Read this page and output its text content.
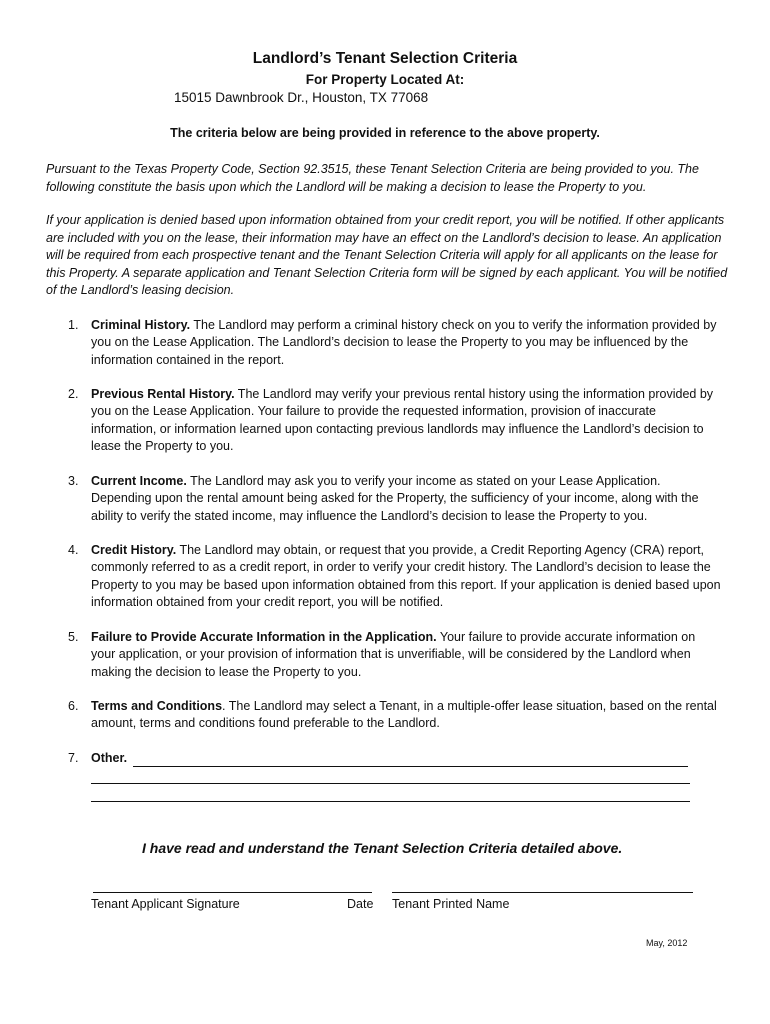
Landlord’s Tenant Selection Criteria
For Property Located At:
15015 Dawnbrook Dr., Houston, TX 77068
The criteria below are being provided in reference to the above property.

Pursuant to the Texas Property Code, Section 92.3515, these Tenant Selection Criteria are being provided to you. The following constitute the basis upon which the Landlord will be making a decision to lease the Property to you.

If your application is denied based upon information obtained from your credit report, you will be notified. If other applicants are included with you on the lease, their information may have an effect on the Landlord’s decision to lease. An application will be required from each prospective tenant and the Tenant Selection Criteria will apply for all applicants on the lease for this Property. A separate application and Tenant Selection Criteria form will be signed by each applicant. You will be notified of the Landlord’s leasing decision.

1.	Criminal History. The Landlord may perform a criminal history check on you to verify the information provided by you on the Lease Application. The Landlord’s decision to lease the Property to you may be influenced by the information contained in the report.
2.	Previous Rental History. The Landlord may verify your previous rental history using the information provided by you on the Lease Application. Your failure to provide the requested information, provision of inaccurate information, or information learned upon contacting previous landlords may influence the Landlord’s decision to lease the Property to you.
3.	Current Income. The Landlord may ask you to verify your income as stated on your Lease Application. Depending upon the rental amount being asked for the Property, the sufficiency of your income, along with the ability to verify the stated income, may influence the Landlord’s decision to lease the Property to you.
4.	Credit History. The Landlord may obtain, or request that you provide, a Credit Reporting Agency (CRA) report, commonly referred to as a credit report, in order to verify your credit history. The Landlord’s decision to lease the Property to you may be based upon information obtained from this report. If your application is denied based upon information obtained from your credit report, you will be notified.
5.	Failure to Provide Accurate Information in the Application. Your failure to provide accurate information on your application, or your provision of information that is unverifiable, will be considered by the Landlord when making the decision to lease the Property to you.
6.	Terms and Conditions. The Landlord may select a Tenant, in a multiple-offer lease situation, based on the rental amount, terms and conditions found preferable to the Landlord.
7.	Other.
I have read and understand the Tenant Selection Criteria detailed above.
Tenant Applicant Signature	Date Tenant Printed Name
May, 2012
